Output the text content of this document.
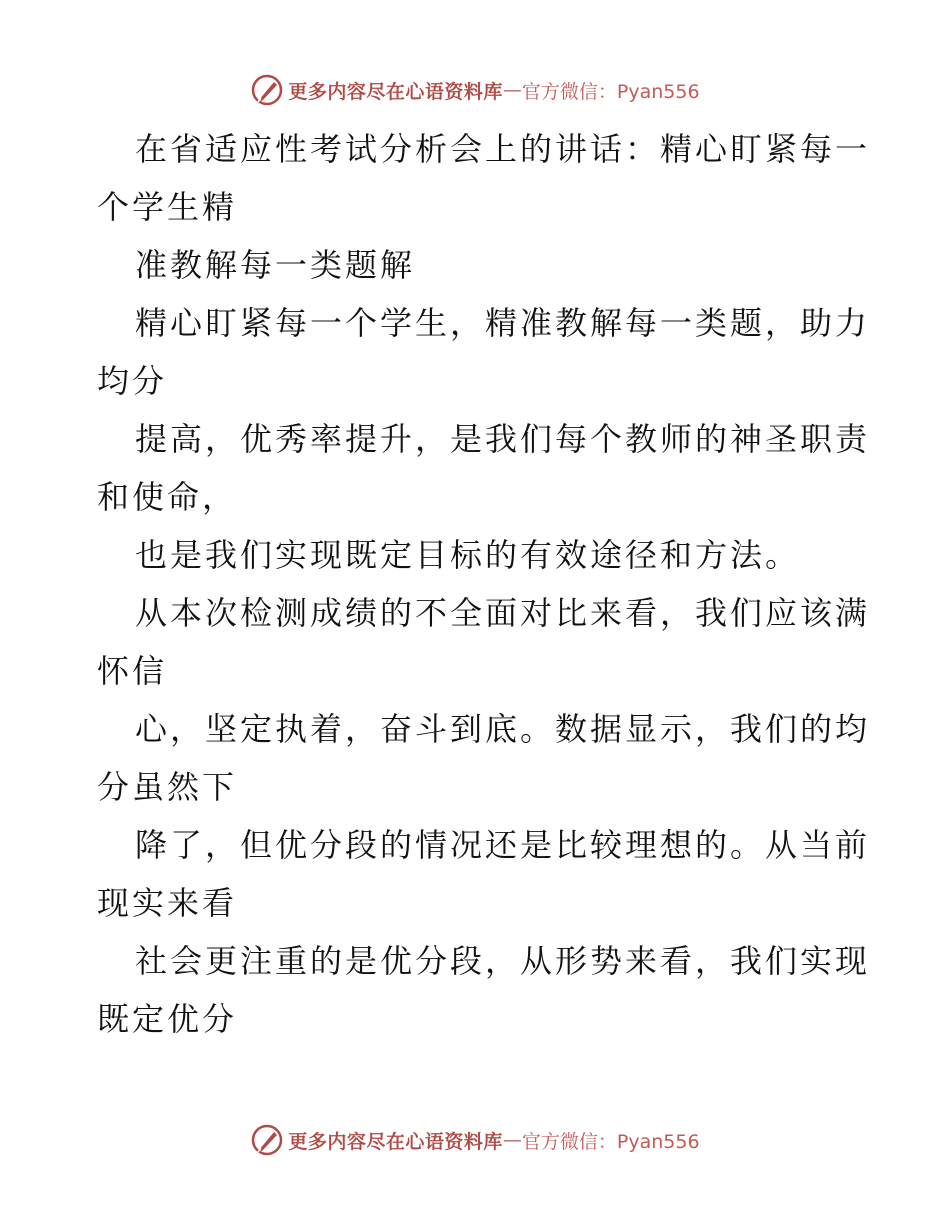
更多内容尽在心语资料库 — 官方微信：Pyan556
在省适应性考试分析会上的讲话：精心盯紧每一
个学生精
准教解每一类题解
精心盯紧每一个学生，精准教解每一类题，助力
均分
提高，优秀率提升，是我们每个教师的神圣职责
和使命，
也是我们实现既定目标的有效途径和方法。
从本次检测成绩的不全面对比来看，我们应该满
怀信
心，坚定执着，奋斗到底。数据显示，我们的均
分虽然下
降了，但优分段的情况还是比较理想的。从当前
现实来看
社会更注重的是优分段，从形势来看，我们实现
既定优分
更多内容尽在心语资料库 — 官方微信：Pyan556
